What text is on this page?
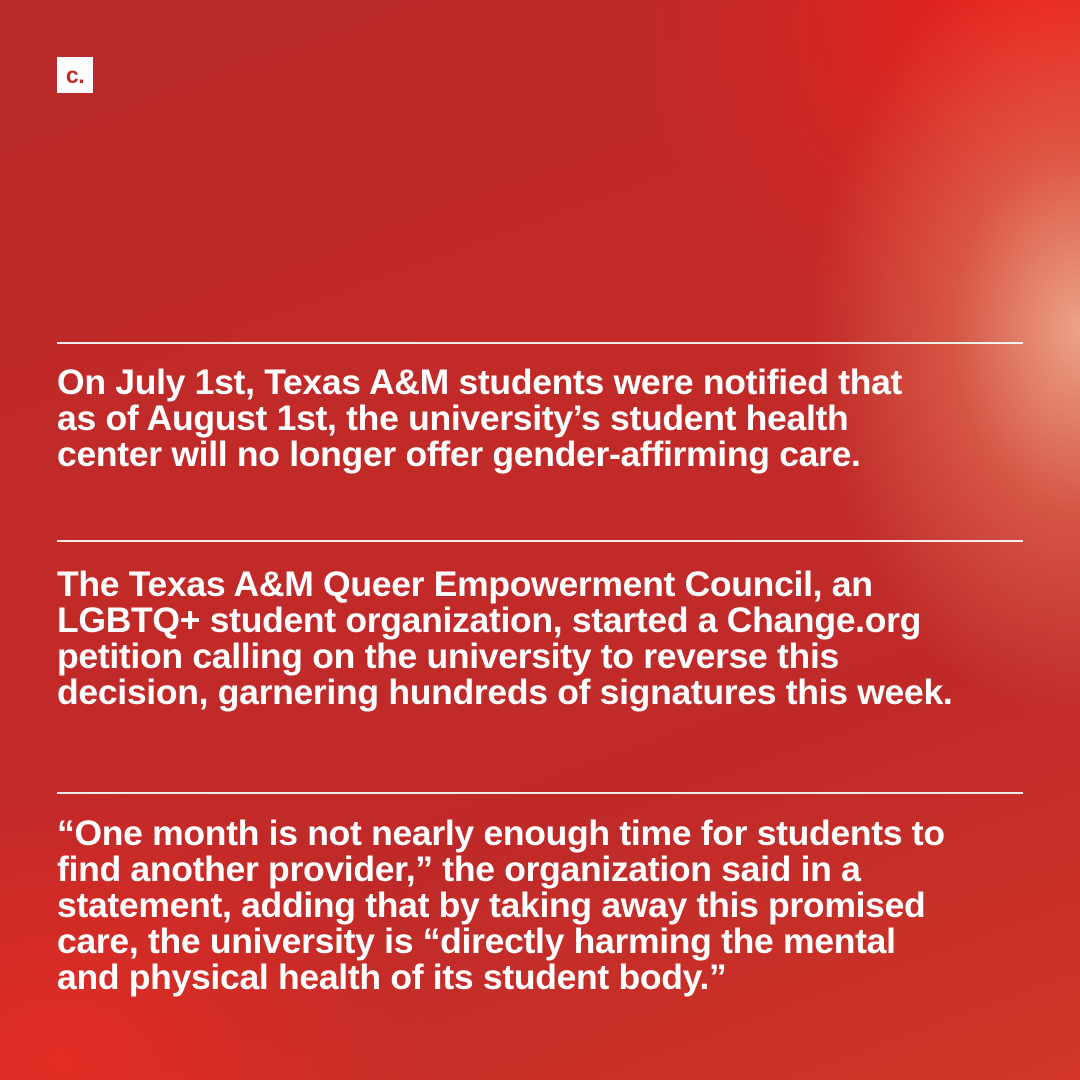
c.

On July 1st, Texas A&M students were notified that
as of August 1st, the university’s student health
center will no longer offer gender-affirming care.

The Texas A&M Queer Empowerment Council, an
LGBTQ+ student organization, started a Change.org
petition calling on the university to reverse this
decision, garnering hundreds of signatures this week.

“One month is not nearly enough time for students to
find another provider,” the organization said in a
statement, adding that by taking away this promised
care, the university is “directly harming the mental
and physical health of its student body.”
